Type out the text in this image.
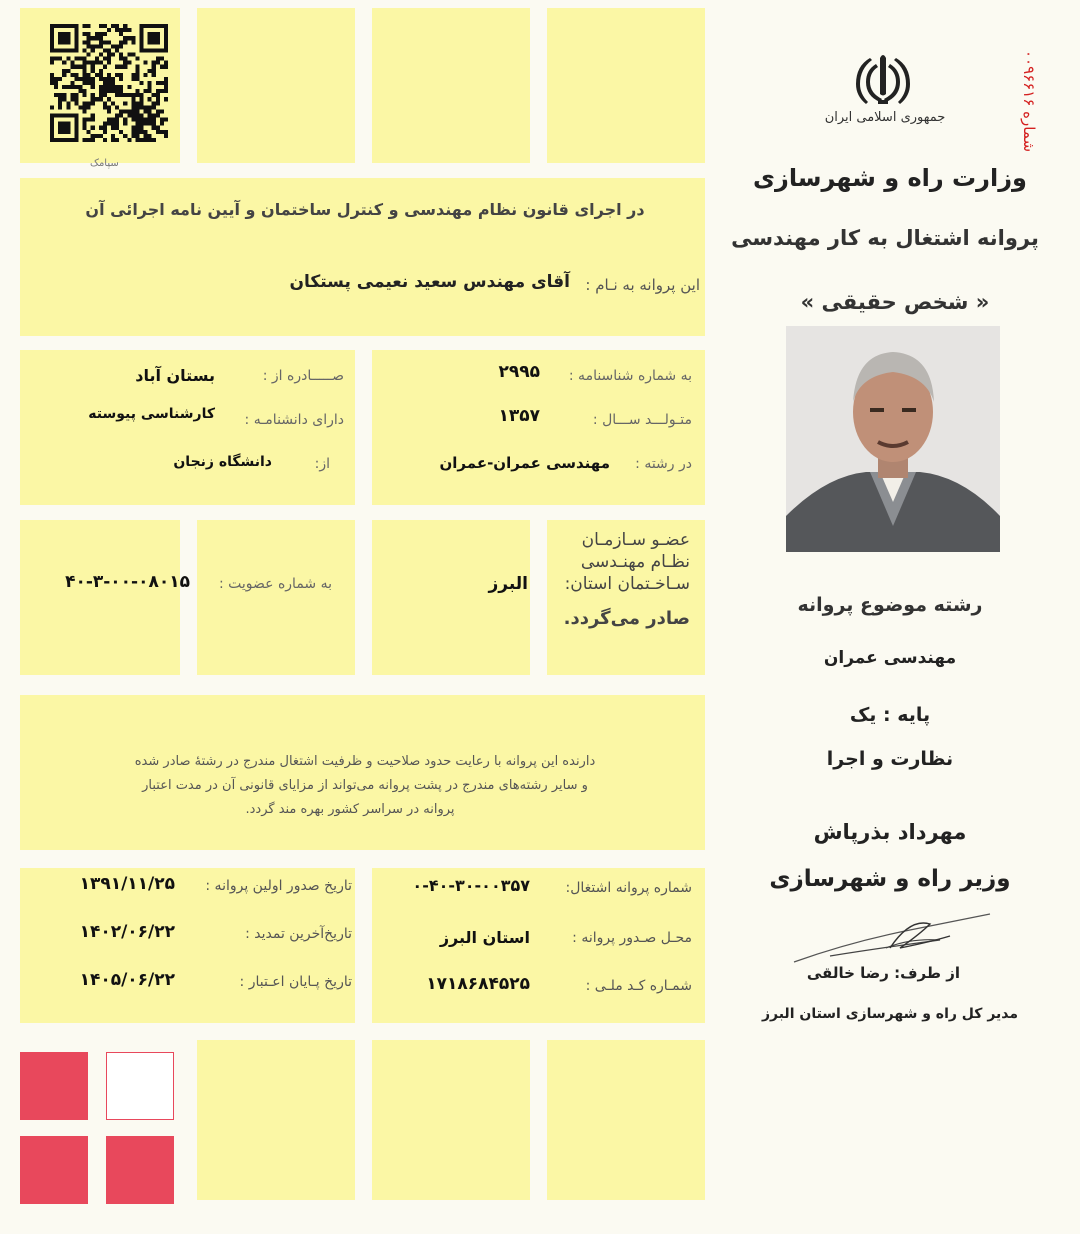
سپامک
شماره ۰۰۹۶۶۱۶
جمهوری اسلامی ایران
وزارت راه و شهرسازی
پروانه اشتغال به کار مهندسی
« شخص حقیقی »
رشته موضوع پروانه
مهندسی عمران
پایه : یک
نظارت و اجرا
مهرداد بذرپاش
وزیر راه و شهرسازی
از طرف: رضا خالقی
مدیر کل راه و شهرسازی استان البرز
در اجرای قانون نظام مهندسی و کنترل ساختمان و آیین نامه اجرائی آن
این پروانه به نـام :
آقای مهندس سعید نعیمی پستکان
به شماره شناسنامه :
۲۹۹۵
صـــــادره از :
بستان آباد
متـولـــد ســـال :
۱۳۵۷
دارای دانشنامـه :
کارشناسی پیوسته
در رشته :
مهندسی عمران-عمران
از:
دانشگاه زنجان
عضـو سـازمـان
نظـام مهنـدسی
سـاخـتمان استان:
البرز
صادر می‌گردد.
به شماره عضویت :
۴۰-۳-۰۰-۰۸۰۱۵
دارنده این پروانه با رعایت حدود صلاحیت و ظرفیت اشتغال مندرج در رشتهٔ صادر شده
و سایر رشته‌های مندرج در پشت پروانه می‌تواند از مزایای قانونی آن در مدت اعتبار
پروانه در سراسر کشور بهره مند گردد.
شماره پروانه اشتغال:
۰-۴۰-۳۰-۰۰۳۵۷
محـل صـدور پروانه :
استان البرز
شمـاره کـد ملـی :
۱۷۱۸۶۸۴۵۲۵
تاریخ صدور اولین پروانه :
۱۳۹۱/۱۱/۲۵
تاریخ‌آخرین تمدید :
۱۴۰۲/۰۶/۲۲
تاریخ پـایان اعـتبار :
۱۴۰۵/۰۶/۲۲
